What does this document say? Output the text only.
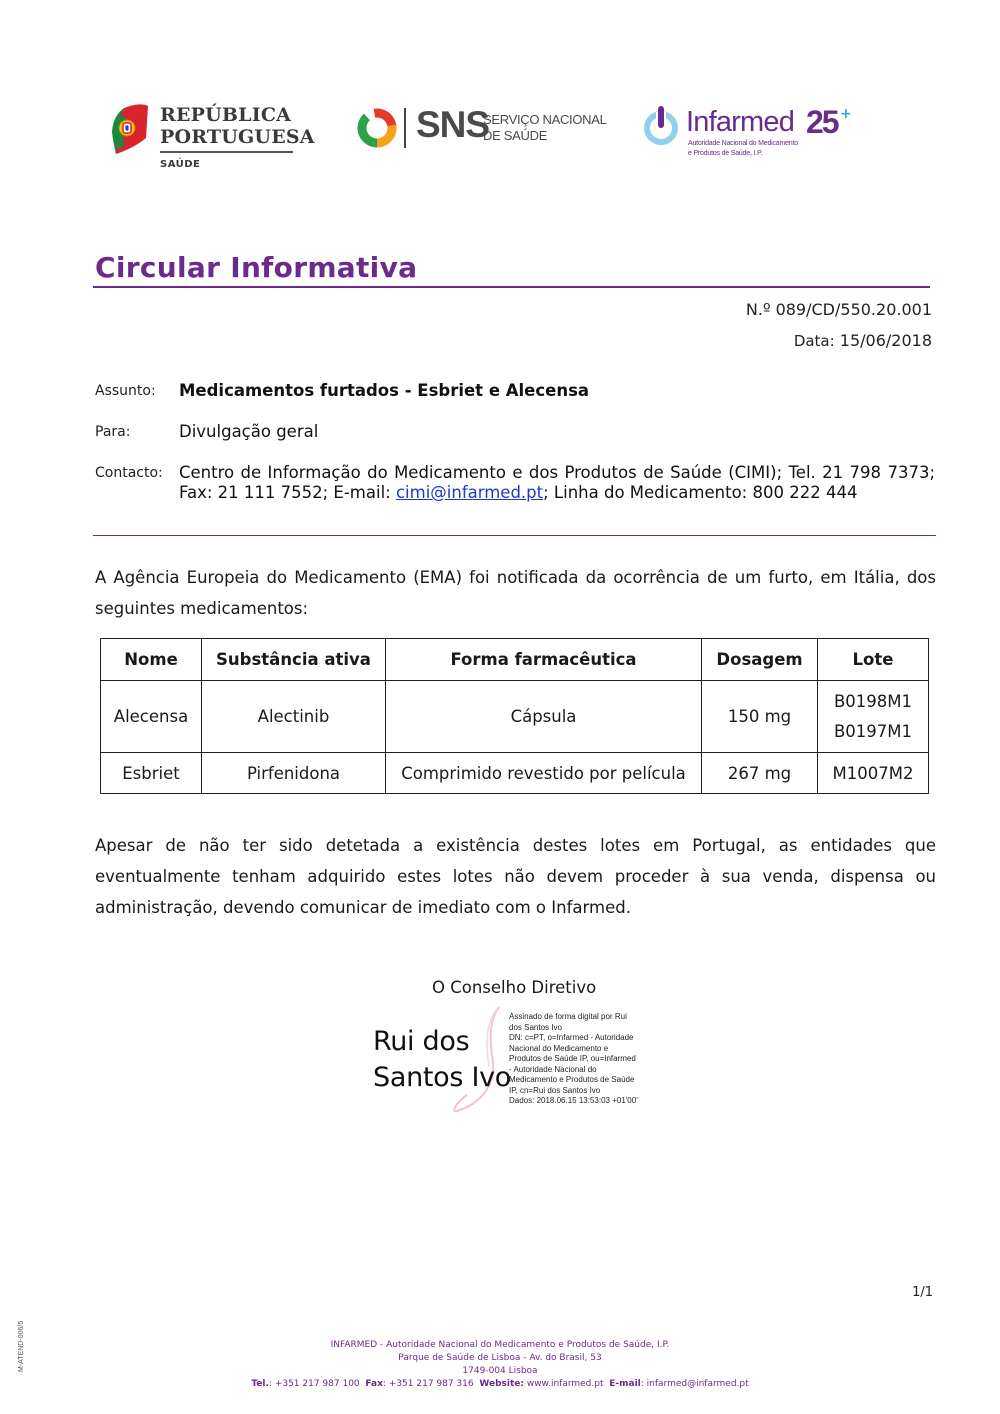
REPÚBLICA
PORTUGUESA
SAÚDE
SNS
SERVIÇO NACIONAL
DE SAÚDE	Infarmed 25 +
Autoridade Nacional do Medicamento
e Produtos de Saúde, I.P.
Circular Informativa
N.º 089/CD/550.20.001
Data: 15/06/2018
Assunto: Medicamentos furtados - Esbriet e Alecensa
Para:	Divulgação geral
Contacto: Centro de Informação do Medicamento e dos Produtos de Saúde (CIMI); Tel. 21 798 7373; Fax: 21 111 7552; E-mail: cimi@infarmed.pt; Linha do Medicamento: 800 222 444
A Agência Europeia do Medicamento (EMA) foi notificada da ocorrência de um furto, em Itália, dos seguintes medicamentos:
Nome	Substância ativa	Forma farmacêutica	Dosagem	Lote
Alecensa	Alectinib	Cápsula	150 mg	B0198M1
B0197M1

Esbriet	Pirfenidona	Comprimido revestido por película	267 mg	M1007M2
Apesar de não ter sido detetada a existência destes lotes em Portugal, as entidades que eventualmente tenham adquirido estes lotes não devem proceder à sua venda, dispensa ou administração, devendo comunicar de imediato com o Infarmed.
O Conselho Diretivo
Rui dos
Santos Ivo
Assinado de forma digital por Rui
dos Santos Ivo
DN: c=PT, o=Infarmed - Autoridade
Nacional do Medicamento e
Produtos de Saúde IP, ou=Infarmed
- Autoridade Nacional do
Medicamento e Produtos de Saúde
IP, cn=Rui dos Santos Ivo
Dados: 2018.06.15 13:53:03 +01'00'
1/1
M-ATEND-006/5	INFARMED - Autoridade Nacional do Medicamento e Produtos de Saúde, I.P.
Parque de Saúde de Lisboa - Av. do Brasil, 53
1749-004 Lisboa
Tel.: +351 217 987 100 Fax: +351 217 987 316 Website: www.infarmed.pt E-mail: infarmed@infarmed.pt
